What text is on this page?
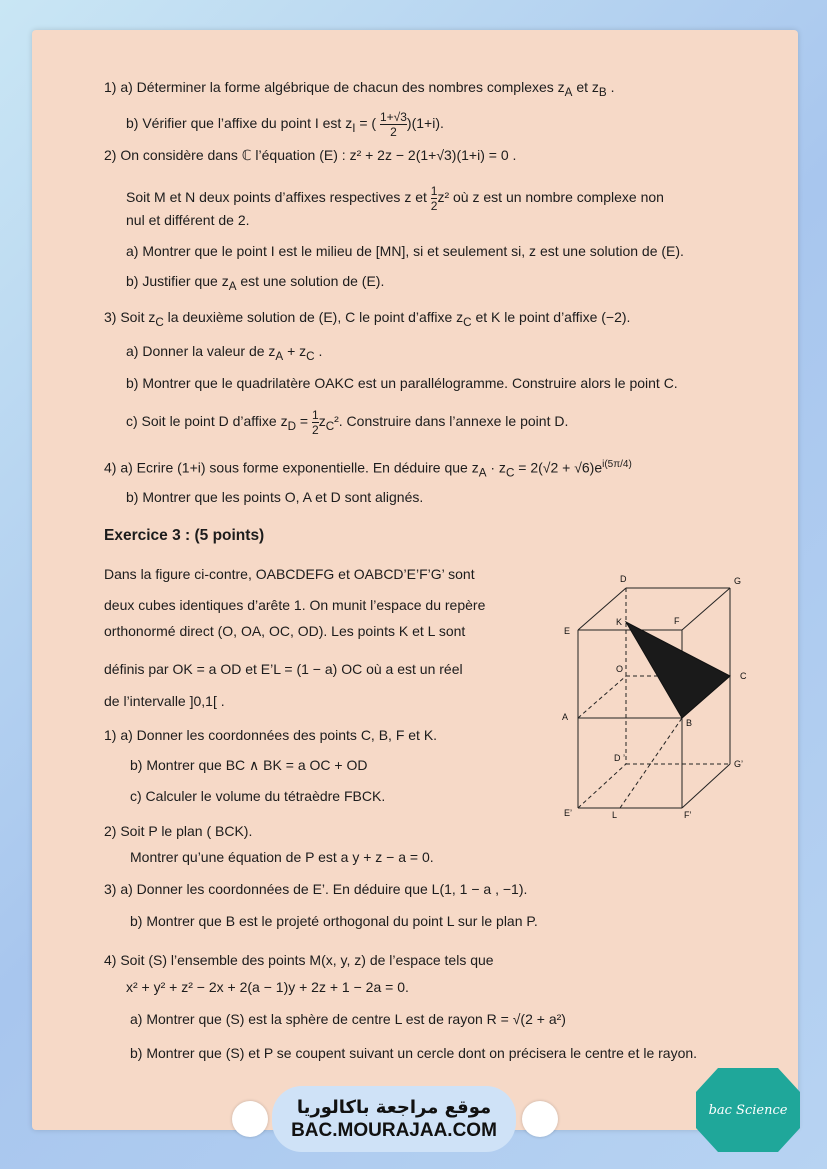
1) a) Déterminer la forme algébrique de chacun des nombres complexes $z_A$ et $z_B$ .
b) Vérifier que l’affixe du point I est $z_I$ = ( $\frac{1+√3}{2} )(1+i)$.
2) On considère dans ℂ l’équation (E) : z² + 2z − 2(1+√3)(1+i) = 0 .
Soit M et N deux points d’affixes respectives z et $\frac{1}{2} z^2$ où z est un nombre complexe non
nul et différent de 2.
a) Montrer que le point I est le milieu de [MN], si et seulement si, z est une solution de (E).
b) Justifier que $z_A$ est une solution de (E).
3) Soit $z_C$ la deuxième solution de (E), C le point d’affixe $z_C$ et K le point d’affixe (−2).
a) Donner la valeur de $z_A + z_C$ .
b) Montrer que le quadrilatère OAKC est un parallélogramme. Construire alors le point C.
c) Soit le point D d’affixe $z_D = \frac{1}{2} z_C^2$. Construire dans l’annexe le point D.
4) a) Ecrire (1+i) sous forme exponentielle. En déduire que $z_A \cdot z_C = 2(√2 + √6)e^{i(5\pi/4)}$
b) Montrer que les points O, A et D sont alignés.
Exercice 3 : (5 points)
Dans la figure ci-contre, OABCDEFG et OABCD’E’F’G’ sont
deux cubes identiques d’arête 1. On munit l’espace du repère
orthonormé direct (O, OA, OC, OD). Les points K et L sont
définis par OK = a OD et E’L = (1 − a) OC où a est un réel
de l’intervalle ]0,1[ .
1) a) Donner les coordonnées des points C, B, F et K.
b) Montrer que BC ∧ BK = a OC + OD
c) Calculer le volume du tétraèdre FBCK.
2) Soit P le plan ( BCK).
Montrer qu’une équation de P est a y + z − a = 0.
3) a) Donner les coordonnées de E’. En déduire que L(1, 1 − a , −1).
b) Montrer que B est le projeté orthogonal du point L sur le plan P.
4) Soit (S) l’ensemble des points M(x, y, z) de l’espace tels que
x² + y² + z² − 2x + 2(a − 1)y + 2z + 1 − 2a = 0.
a) Montrer que (S) est la sphère de centre L est de rayon R = √(2 + a²)
b) Montrer que (S) et P se coupent suivant un cercle dont on précisera le centre et le rayon.
D	G
E
K	F
O
C
A
B
D ’
G’
E’	L	F’
موقع مراجعة باكالوريا
BAC.MOURAJAA.COM
bac Science
